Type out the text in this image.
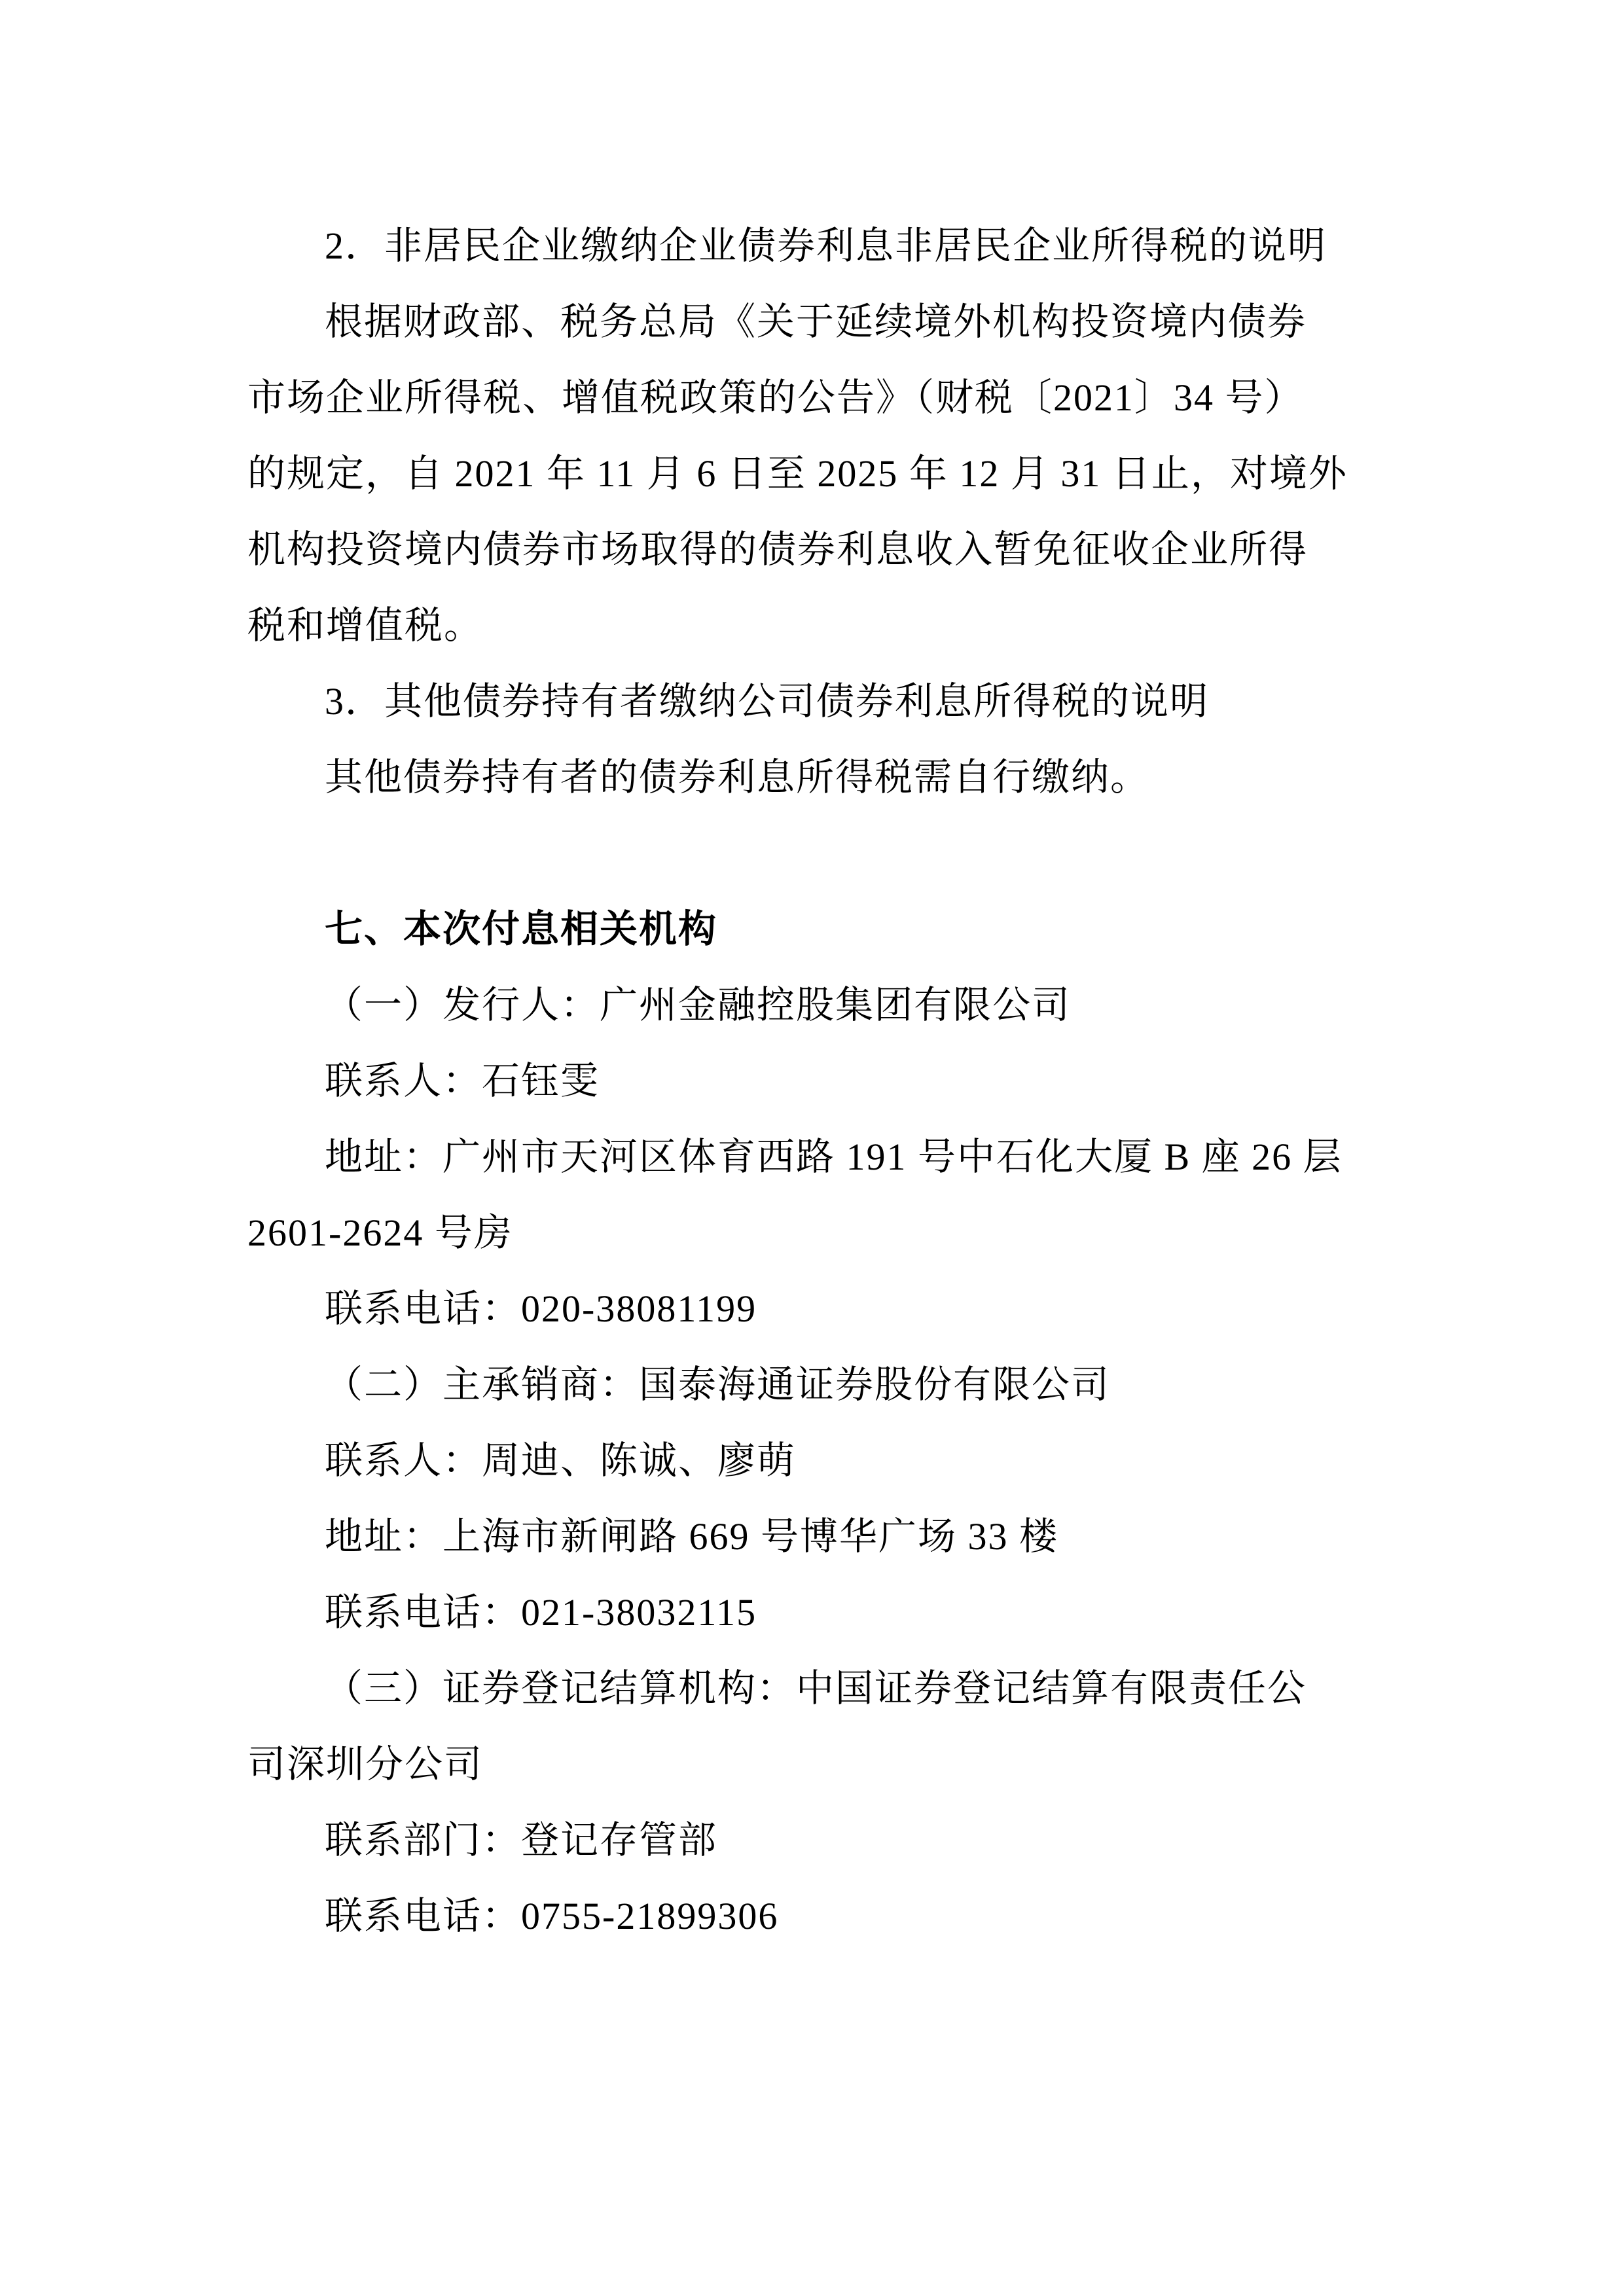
2．非居民企业缴纳企业债券利息非居民企业所得税的说明
根据财政部、税务总局《关于延续境外机构投资境内债券
市场企业所得税、增值税政策的公告》（财税〔2021〕34 号）
的规定，自 2021 年 11 月 6 日至 2025 年 12 月 31 日止，对境外
机构投资境内债券市场取得的债券利息收入暂免征收企业所得
税和增值税。
3．其他债券持有者缴纳公司债券利息所得税的说明
其他债券持有者的债券利息所得税需自行缴纳。
七、本次付息相关机构
（一）发行人：广州金融控股集团有限公司
联系人：石钰雯
地址：广州市天河区体育西路 191 号中石化大厦 B 座 26 层
2601-2624 号房
联系电话：020-38081199
（二）主承销商：国泰海通证券股份有限公司
联系人：周迪、陈诚、廖萌
地址：上海市新闸路 669 号博华广场 33 楼
联系电话：021-38032115
（三）证券登记结算机构：中国证券登记结算有限责任公
司深圳分公司
联系部门：登记存管部
联系电话：0755-21899306
